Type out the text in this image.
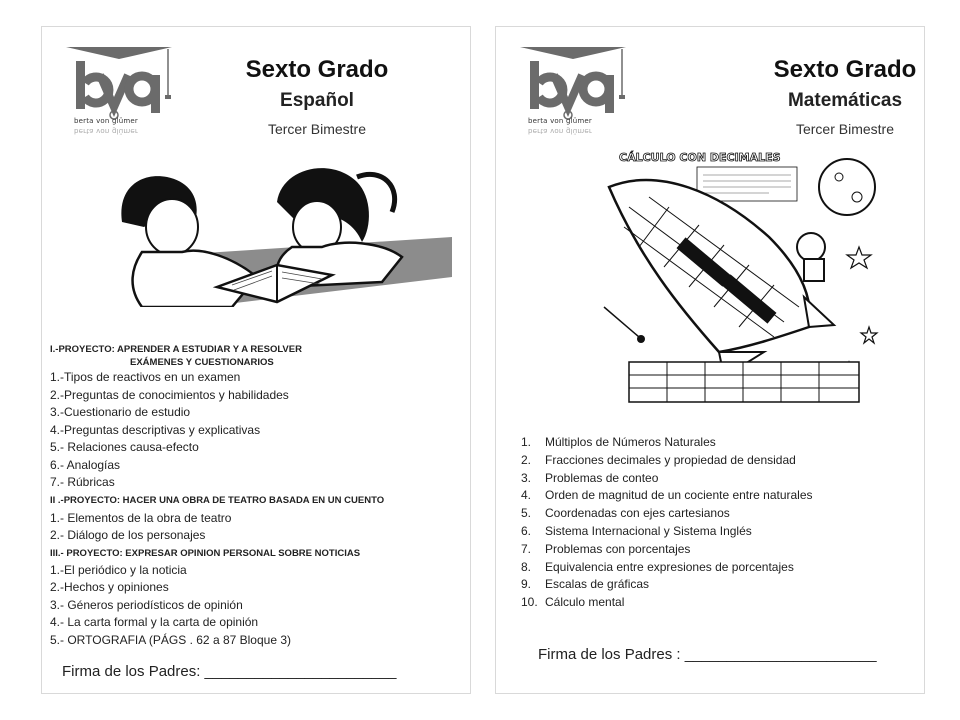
berta von glümer
berta von glümer
Sexto Grado
Español
Tercer Bimestre
I.-PROYECTO: APRENDER A ESTUDIAR Y A RESOLVER
EXÁMENES Y CUESTIONARIOS
1.-Tipos de reactivos en un examen
2.-Preguntas de conocimientos y habilidades
3.-Cuestionario de estudio
4.-Preguntas descriptivas y explicativas
5.- Relaciones causa-efecto
6.- Analogías
7.- Rúbricas
II .-PROYECTO: HACER UNA OBRA DE TEATRO BASADA EN UN CUENTO
1.- Elementos de la obra de teatro
2.- Diálogo de los personajes
III.- PROYECTO: EXPRESAR OPINION PERSONAL SOBRE NOTICIAS
1.-El periódico y la noticia
2.-Hechos y opiniones
3.- Géneros periodísticos de opinión
4.- La carta formal y la carta de opinión
5.- ORTOGRAFIA (PÁGS . 62 a 87 Bloque 3)
Firma de los Padres: _______________________
berta von glümer
berta von glümer
Sexto Grado
Matemáticas
Tercer Bimestre
CÁLCULO CON DECIMALES
1.	Múltiplos de Números Naturales
2.	Fracciones decimales y propiedad de densidad
3.	Problemas de conteo
4.	Orden de magnitud de un cociente entre naturales
5.	Coordenadas con ejes cartesianos
6.	Sistema Internacional y Sistema Inglés
7.	Problemas con porcentajes
8.	Equivalencia entre expresiones de porcentajes
9.	Escalas de gráficas
10. Cálculo mental
Firma de los Padres : _______________________
